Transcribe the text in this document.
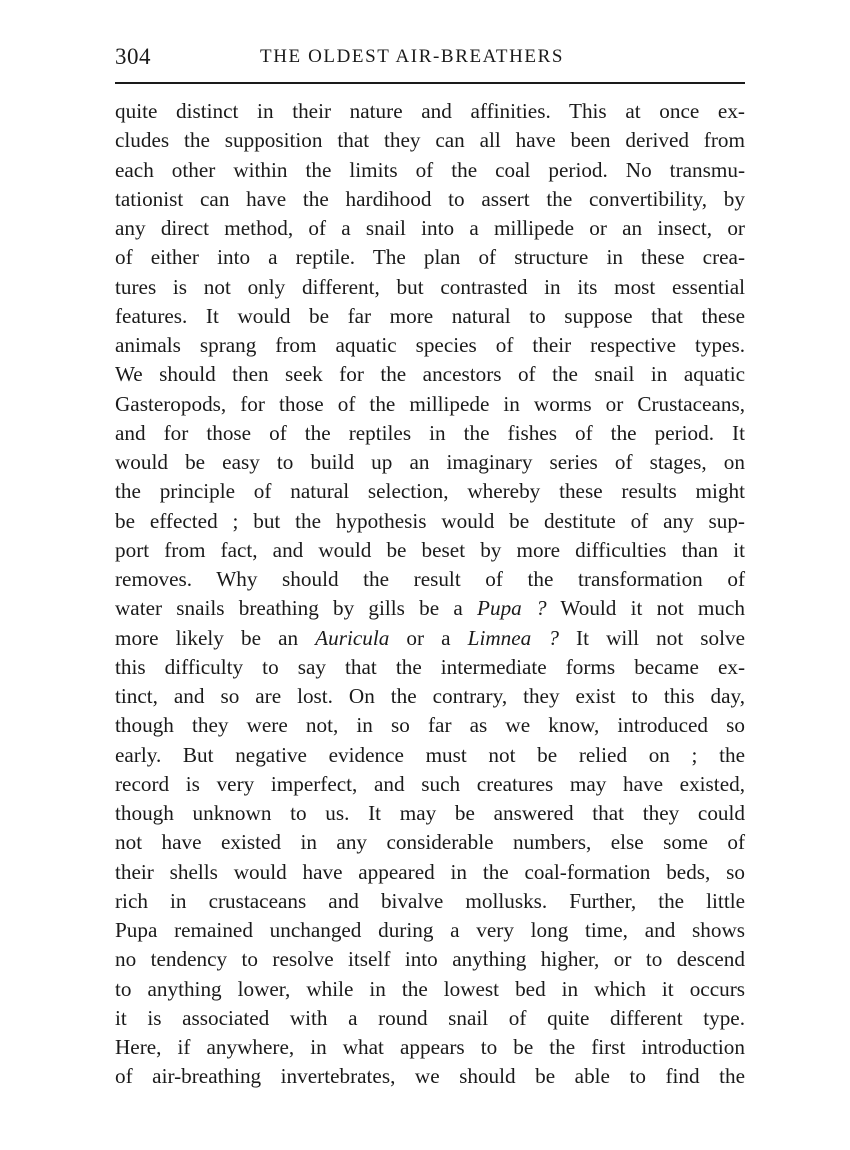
304	THE OLDEST AIR-BREATHERS
quite distinct in their nature and affinities. This at once ex-
cludes the supposition that they can all have been derived from
each other within the limits of the coal period. No transmu-
tationist can have the hardihood to assert the convertibility, by
any direct method, of a snail into a millipede or an insect, or
of either into a reptile. The plan of structure in these crea-
tures is not only different, but contrasted in its most essential
features. It would be far more natural to suppose that these
animals sprang from aquatic species of their respective types.
We should then seek for the ancestors of the snail in aquatic
Gasteropods, for those of the millipede in worms or Crustaceans,
and for those of the reptiles in the fishes of the period. It
would be easy to build up an imaginary series of stages, on
the principle of natural selection, whereby these results might
be effected ; but the hypothesis would be destitute of any sup-
port from fact, and would be beset by more difficulties than it
removes. Why should the result of the transformation of
water snails breathing by gills be a Pupa ? Would it not much
more likely be an Auricula or a Limnea ? It will not solve
this difficulty to say that the intermediate forms became ex-
tinct, and so are lost. On the contrary, they exist to this day,
though they were not, in so far as we know, introduced so
early. But negative evidence must not be relied on ; the
record is very imperfect, and such creatures may have existed,
though unknown to us. It may be answered that they could
not have existed in any considerable numbers, else some of
their shells would have appeared in the coal-formation beds, so
rich in crustaceans and bivalve mollusks. Further, the little
Pupa remained unchanged during a very long time, and shows
no tendency to resolve itself into anything higher, or to descend
to anything lower, while in the lowest bed in which it occurs
it is associated with a round snail of quite different type.
Here, if anywhere, in what appears to be the first introduction
of air-breathing invertebrates, we should be able to find the
